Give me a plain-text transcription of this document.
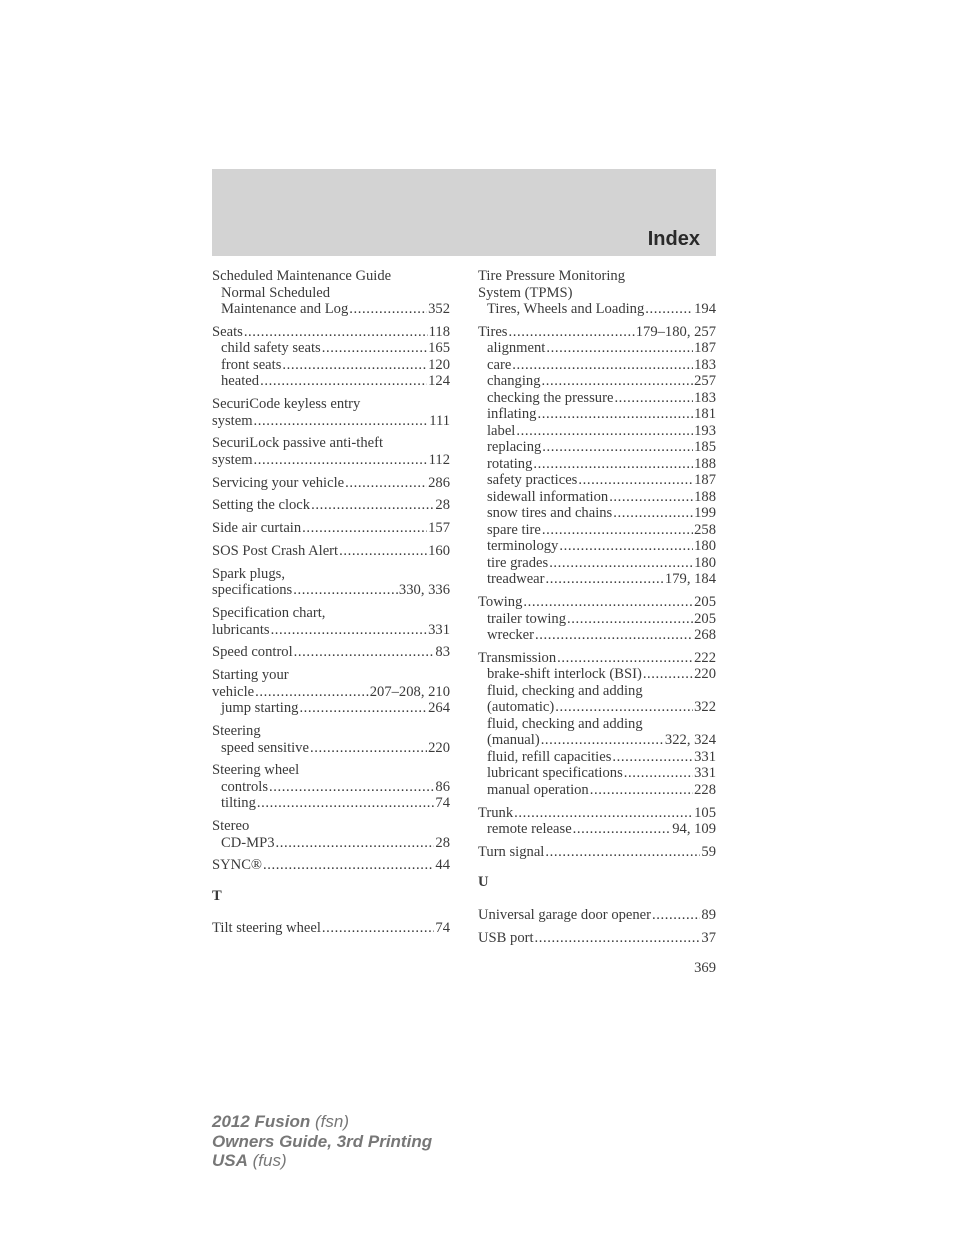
Index
Scheduled Maintenance Guide
Normal Scheduled
Maintenance and Log .....	352
Seats .....	118
child safety seats .....	165
front seats .....	120
heated .....	124
SecuriCode keyless entry
system .....	111
SecuriLock passive anti-theft
system .....	112
Servicing your vehicle .....	286
Setting the clock .....	28
Side air curtain .....	157
SOS Post Crash Alert .....	160
Spark plugs,
specifications .....	330, 336
Specification chart,
lubricants .....	331
Speed control .....	83
Starting your
vehicle .....	207–208, 210
jump starting .....	264
Steering
speed sensitive .....	220
Steering wheel
controls .....	86
tilting .....	74
Stereo
CD-MP3 .....	28
SYNC® .....	44
T
Tilt steering wheel .....	74
Tire Pressure Monitoring
System (TPMS)
Tires, Wheels and Loading .....	194
Tires .....	179–180, 257
alignment .....	187
care .....	183
changing .....	257
checking the pressure .....	183
inflating .....	181
label .....	193
replacing .....	185
rotating .....	188
safety practices .....	187
sidewall information .....	188
snow tires and chains .....	199
spare tire .....	258
terminology .....	180
tire grades .....	180
treadwear .....	179, 184
Towing .....	205
trailer towing .....	205
wrecker .....	268
Transmission .....	222
brake-shift interlock (BSI) .....	220
fluid, checking and adding
(automatic) .....	322
fluid, checking and adding
(manual) .....	322, 324
fluid, refill capacities .....	331
lubricant specifications .....	331
manual operation .....	228
Trunk .....	105
remote release .....	94, 109
Turn signal .....	59
U
Universal garage door opener .....	89
USB port .....	37
369
2012 Fusion (fsn)
Owners Guide, 3rd Printing
USA (fus)
